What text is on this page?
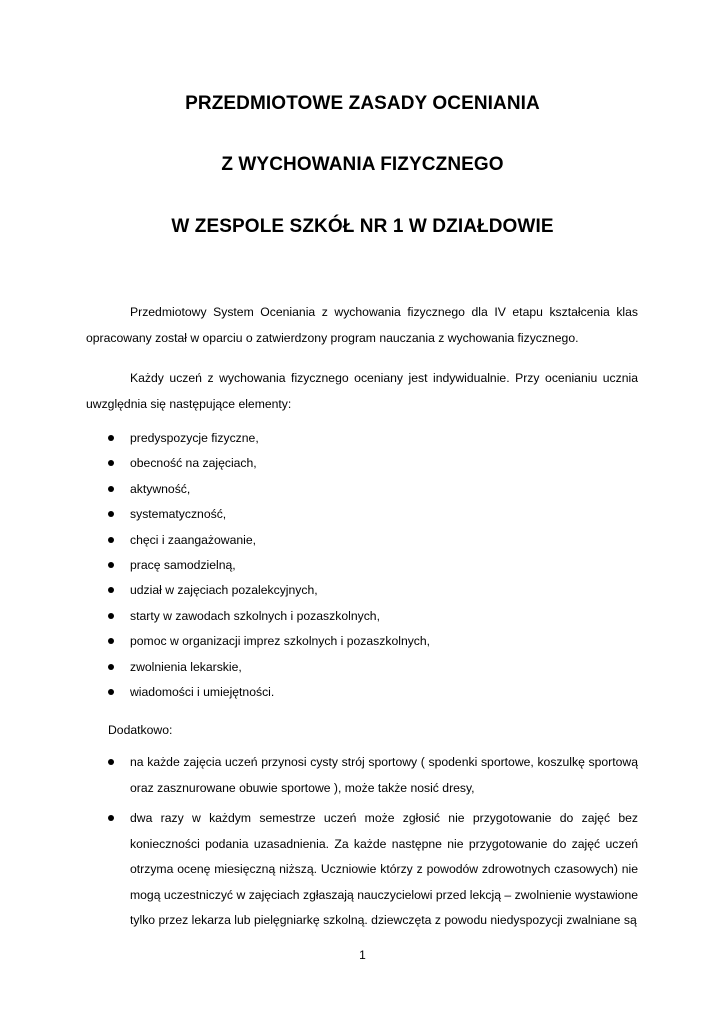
PRZEDMIOTOWE ZASADY OCENIANIA
Z WYCHOWANIA FIZYCZNEGO
W ZESPOLE SZKÓŁ NR 1 W DZIAŁDOWIE

Przedmiotowy System Oceniania z wychowania fizycznego dla IV etapu kształcenia klas opracowany został w oparciu o zatwierdzony program nauczania z wychowania fizycznego.

Każdy uczeń z wychowania fizycznego oceniany jest indywidualnie. Przy ocenianiu ucznia uwzględnia się następujące elementy:

predyspozycje fizyczne,
obecność na zajęciach,
aktywność,
systematyczność,
chęci i zaangażowanie,
pracę samodzielną,
udział w zajęciach pozalekcyjnych,
starty w zawodach szkolnych i pozaszkolnych,
pomoc w organizacji imprez szkolnych i pozaszkolnych,
zwolnienia lekarskie,
wiadomości i umiejętności.
Dodatkowo:
na każde zajęcia uczeń przynosi cysty strój sportowy ( spodenki sportowe, koszulkę sportową oraz zasznurowane obuwie sportowe ), może także nosić dresy,
dwa razy w każdym semestrze uczeń może zgłosić nie przygotowanie do zajęć bez konieczności podania uzasadnienia. Za każde następne nie przygotowanie do zajęć uczeń otrzyma ocenę miesięczną niższą. Uczniowie którzy z powodów zdrowotnych czasowych) nie mogą uczestniczyć w zajęciach zgłaszają nauczycielowi przed lekcją – zwolnienie wystawione tylko przez lekarza lub pielęgniarkę szkolną. dziewczęta z powodu niedyspozycji zwalniane są
1
